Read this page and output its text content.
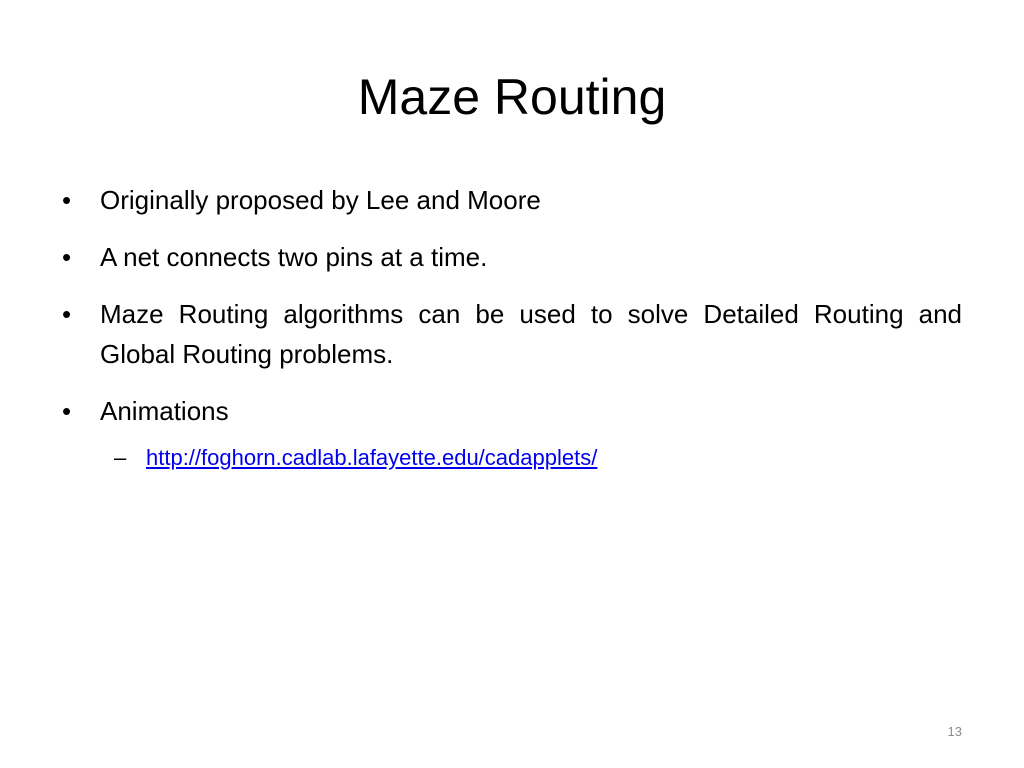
Maze Routing
•	Originally proposed by Lee and Moore
•	A net connects two pins at a time.
•	Maze Routing algorithms can be used to solve Detailed Routing and Global Routing problems.
•	Animations
– http://foghorn.cadlab.lafayette.edu/cadapplets/
13
